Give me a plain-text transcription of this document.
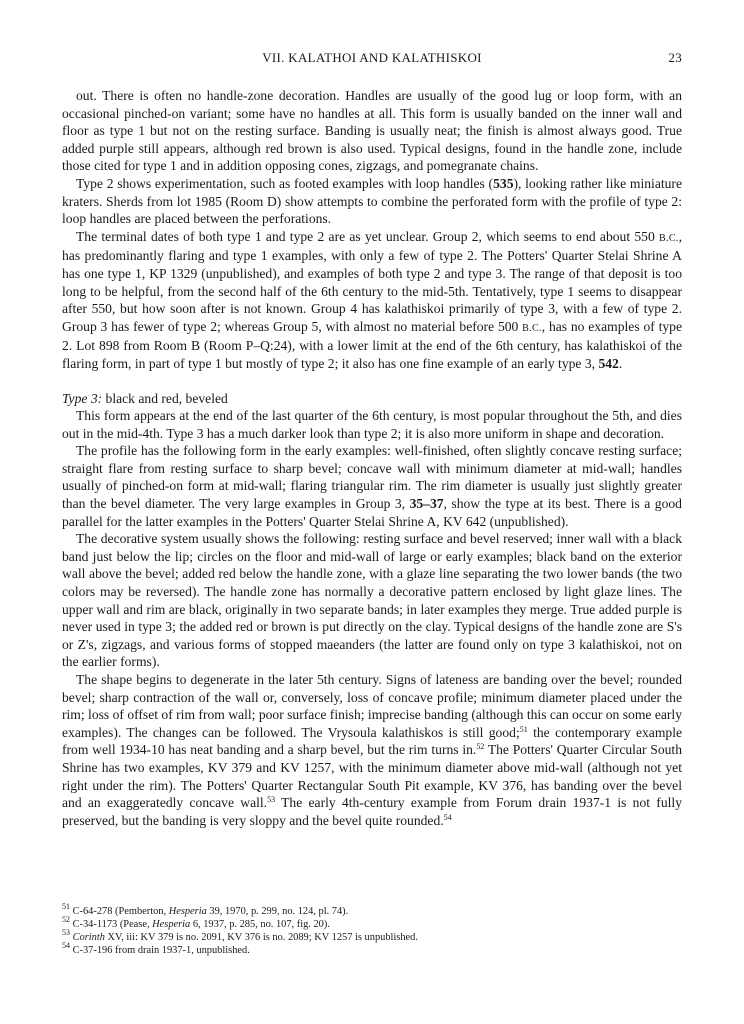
VII. KALATHOI AND KALATHISKOI	23

out. There is often no handle-zone decoration. Handles are usually of the good lug or loop form, with an occasional pinched-on variant; some have no handles at all. This form is usually banded on the inner wall and floor as type 1 but not on the resting surface. Banding is usually neat; the finish is almost always good. True added purple still appears, although red brown is also used. Typical designs, found in the handle zone, include those cited for type 1 and in addition opposing cones, zigzags, and pomegranate chains.

Type 2 shows experimentation, such as footed examples with loop handles (535), looking rather like miniature kraters. Sherds from lot 1985 (Room D) show attempts to combine the perforated form with the profile of type 2: loop handles are placed between the perforations.

The terminal dates of both type 1 and type 2 are as yet unclear. Group 2, which seems to end about 550 B.C., has predominantly flaring and type 1 examples, with only a few of type 2. The Potters' Quarter Stelai Shrine A has one type 1, KP 1329 (unpublished), and examples of both type 2 and type 3. The range of that deposit is too long to be helpful, from the second half of the 6th century to the mid-5th. Tentatively, type 1 seems to disappear after 550, but how soon after is not known. Group 4 has kalathiskoi primarily of type 3, with a few of type 2. Group 3 has fewer of type 2; whereas Group 5, with almost no material before 500 B.C., has no examples of type 2. Lot 898 from Room B (Room P–Q:24), with a lower limit at the end of the 6th century, has kalathiskoi of the flaring form, in part of type 1 but mostly of type 2; it also has one fine example of an early type 3, 542.

Type 3: black and red, beveled

This form appears at the end of the last quarter of the 6th century, is most popular throughout the 5th, and dies out in the mid-4th. Type 3 has a much darker look than type 2; it is also more uniform in shape and decoration.

The profile has the following form in the early examples: well-finished, often slightly concave resting surface; straight flare from resting surface to sharp bevel; concave wall with minimum diameter at mid-wall; handles usually of pinched-on form at mid-wall; flaring triangular rim. The rim diameter is usually just slightly greater than the bevel diameter. The very large examples in Group 3, 35–37, show the type at its best. There is a good parallel for the latter examples in the Potters' Quarter Stelai Shrine A, KV 642 (unpublished).

The decorative system usually shows the following: resting surface and bevel reserved; inner wall with a black band just below the lip; circles on the floor and mid-wall of large or early examples; black band on the exterior wall above the bevel; added red below the handle zone, with a glaze line separating the two lower bands (the two colors may be reversed). The handle zone has normally a decorative pattern enclosed by light glaze lines. The upper wall and rim are black, originally in two separate bands; in later examples they merge. True added purple is never used in type 3; the added red or brown is put directly on the clay. Typical designs of the handle zone are S's or Z's, zigzags, and various forms of stopped maeanders (the latter are found only on type 3 kalathiskoi, not on the earlier forms).

The shape begins to degenerate in the later 5th century. Signs of lateness are banding over the bevel; rounded bevel; sharp contraction of the wall or, conversely, loss of concave profile; minimum diameter placed under the rim; loss of offset of rim from wall; poor surface finish; imprecise banding (although this can occur on some early examples). The changes can be followed. The Vrysoula kalathiskos is still good;$^{51}$ the contemporary example from well 1934-10 has neat banding and a sharp bevel, but the rim turns in.$^{52}$ The Potters' Quarter Circular South Shrine has two examples, KV 379 and KV 1257, with the minimum diameter above mid-wall (although not yet right under the rim). The Potters' Quarter Rectangular South Pit example, KV 376, has banding over the bevel and an exaggeratedly concave wall.$^{53}$ The early 4th-century example from Forum drain 1937-1 is not fully preserved, but the banding is very sloppy and the bevel quite rounded.$^{54}$

$^{51}$ C-64-278 (Pemberton, Hesperia 39, 1970, p. 299, no. 124, pl. 74).
$^{52}$ C-34-1173 (Pease, Hesperia 6, 1937, p. 285, no. 107, fig. 20).
$^{53}$ Corinth XV, iii: KV 379 is no. 2091, KV 376 is no. 2089; KV 1257 is unpublished.
$^{54}$ C-37-196 from drain 1937-1, unpublished.
